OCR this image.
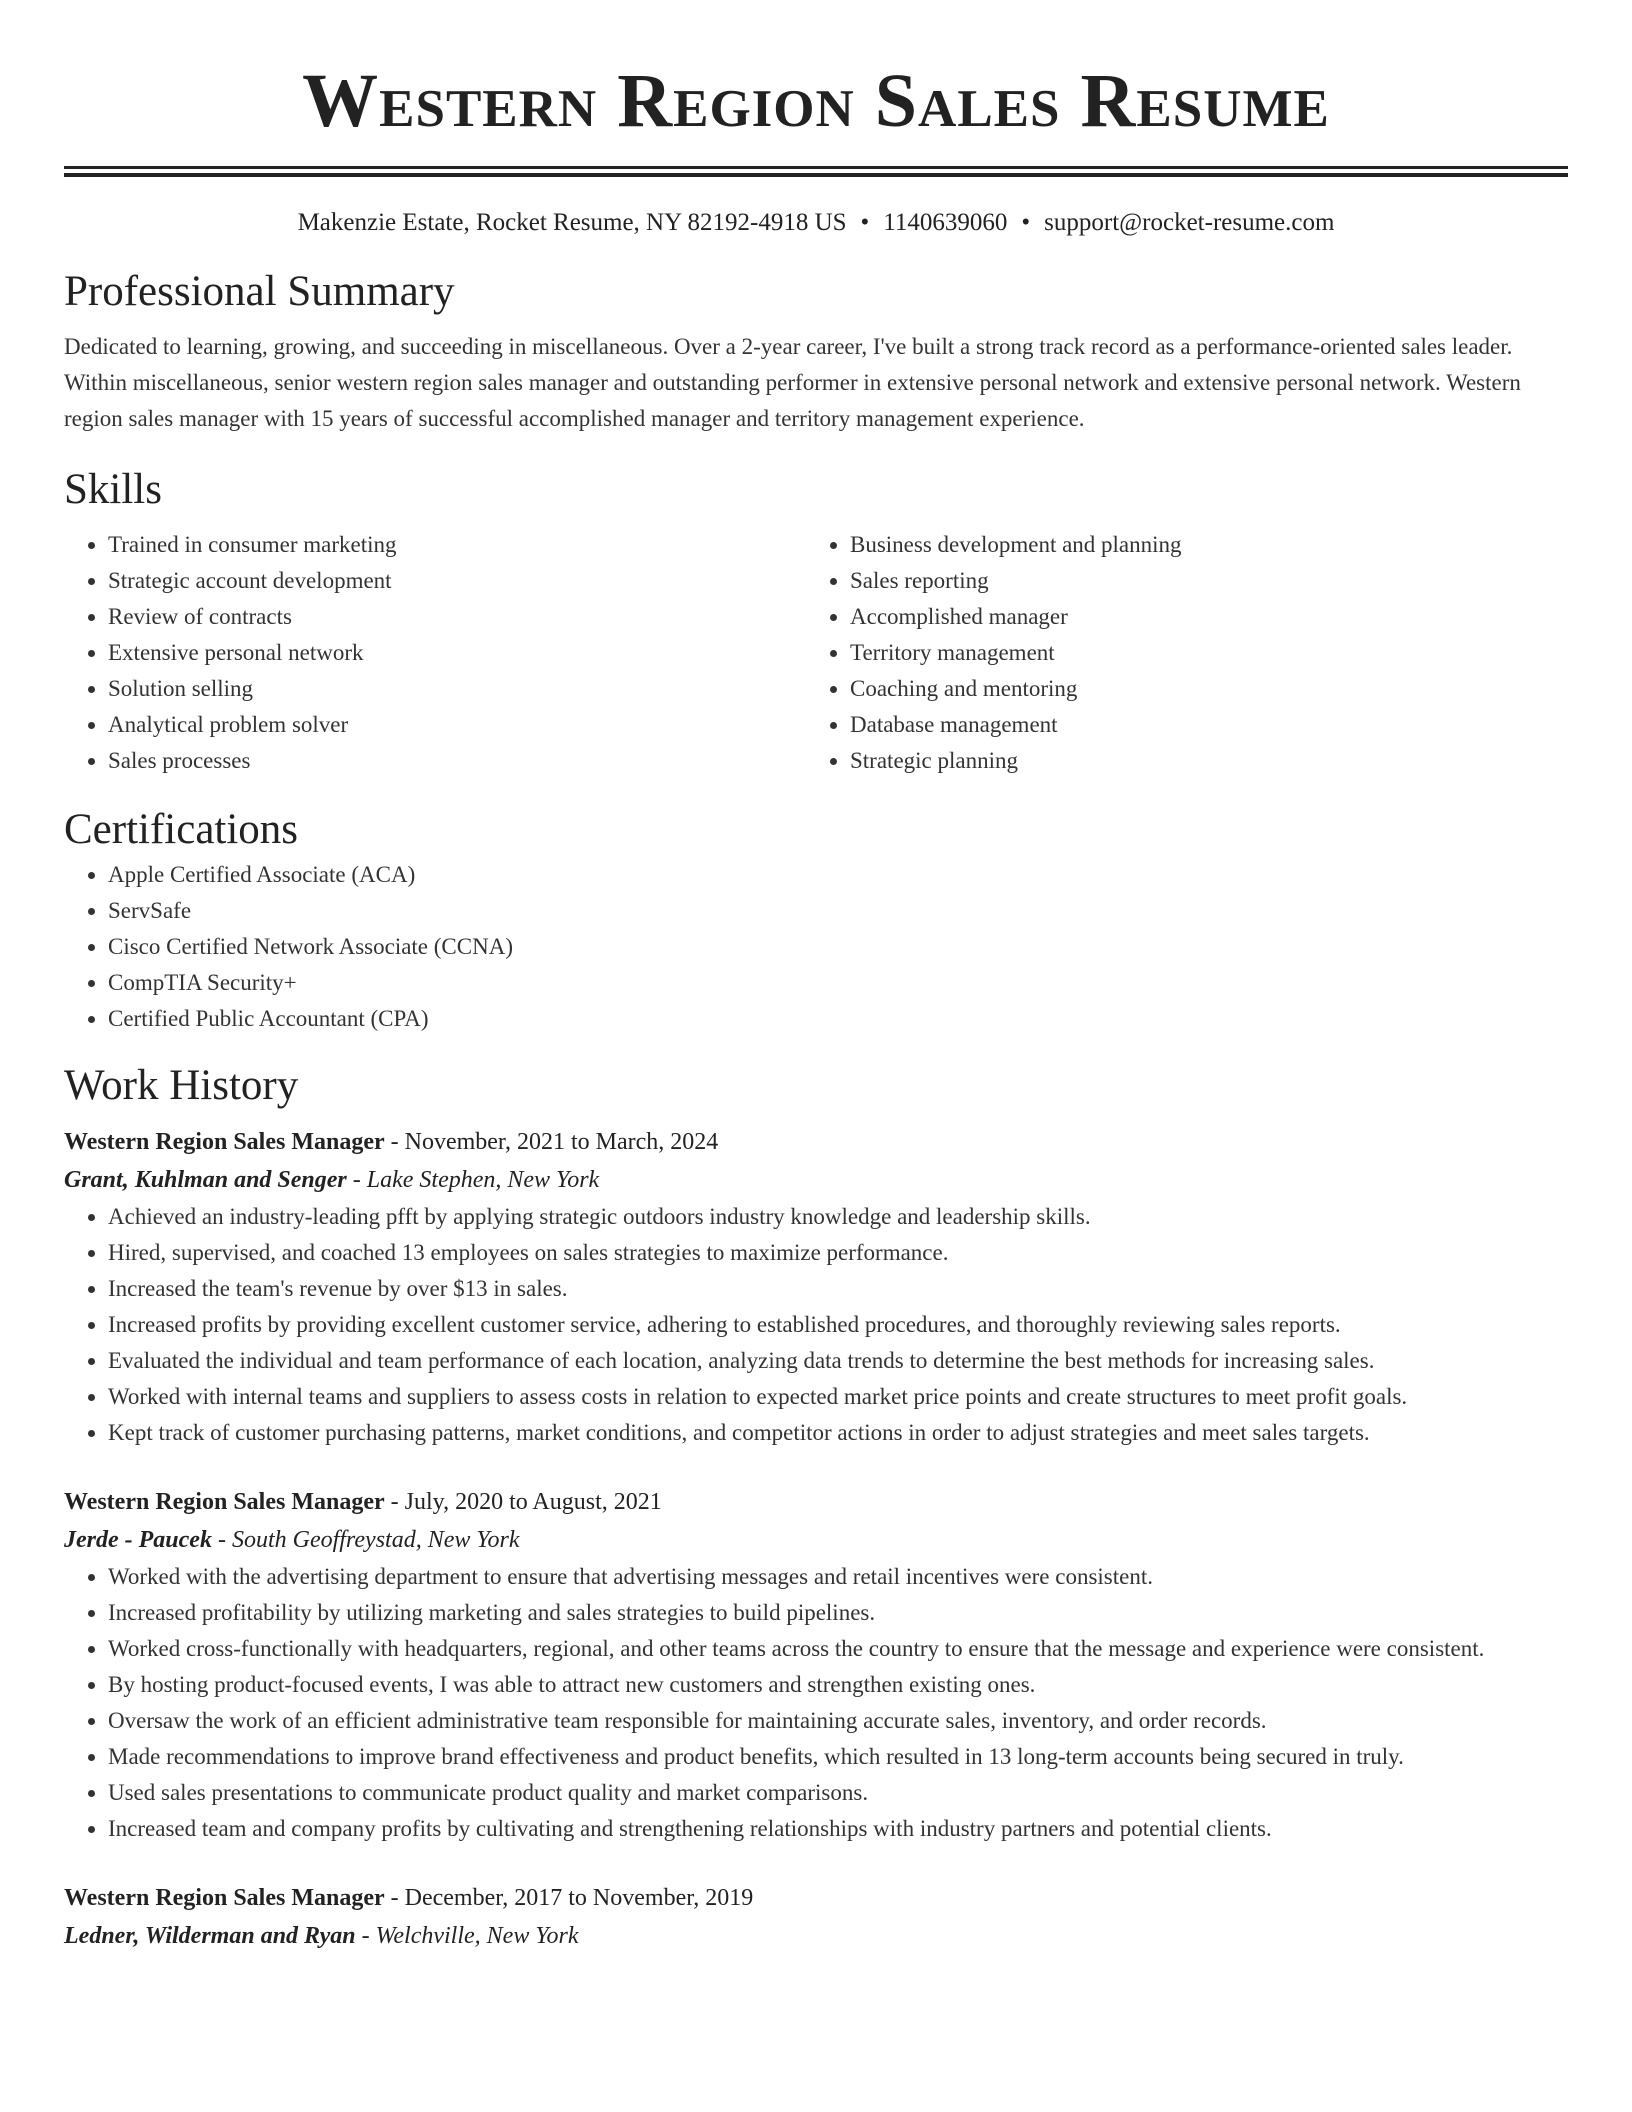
Western Region Sales Resume
Makenzie Estate, Rocket Resume, NY 82192-4918 US • 1140639060 • support@rocket-resume.com
Professional Summary
Dedicated to learning, growing, and succeeding in miscellaneous. Over a 2-year career, I've built a strong track record as a performance-oriented sales leader. Within miscellaneous, senior western region sales manager and outstanding performer in extensive personal network and extensive personal network. Western region sales manager with 15 years of successful accomplished manager and territory management experience.
Skills
• Trained in consumer marketing
• Strategic account development
• Review of contracts
• Extensive personal network
• Solution selling
• Analytical problem solver
• Sales processes
• Business development and planning
• Sales reporting
• Accomplished manager
• Territory management
• Coaching and mentoring
• Database management
• Strategic planning
Certifications
• Apple Certified Associate (ACA)
• ServSafe
• Cisco Certified Network Associate (CCNA)
• CompTIA Security+
• Certified Public Accountant (CPA)
Work History
Western Region Sales Manager - November, 2021 to March, 2024
Grant, Kuhlman and Senger - Lake Stephen, New York
• Achieved an industry-leading pfft by applying strategic outdoors industry knowledge and leadership skills.
• Hired, supervised, and coached 13 employees on sales strategies to maximize performance.
• Increased the team's revenue by over $13 in sales.
• Increased profits by providing excellent customer service, adhering to established procedures, and thoroughly reviewing sales reports.
• Evaluated the individual and team performance of each location, analyzing data trends to determine the best methods for increasing sales.
• Worked with internal teams and suppliers to assess costs in relation to expected market price points and create structures to meet profit goals.
• Kept track of customer purchasing patterns, market conditions, and competitor actions in order to adjust strategies and meet sales targets.
Western Region Sales Manager - July, 2020 to August, 2021
Jerde - Paucek - South Geoffreystad, New York
• Worked with the advertising department to ensure that advertising messages and retail incentives were consistent.
• Increased profitability by utilizing marketing and sales strategies to build pipelines.
• Worked cross-functionally with headquarters, regional, and other teams across the country to ensure that the message and experience were consistent.
• By hosting product-focused events, I was able to attract new customers and strengthen existing ones.
• Oversaw the work of an efficient administrative team responsible for maintaining accurate sales, inventory, and order records.
• Made recommendations to improve brand effectiveness and product benefits, which resulted in 13 long-term accounts being secured in truly.
• Used sales presentations to communicate product quality and market comparisons.
• Increased team and company profits by cultivating and strengthening relationships with industry partners and potential clients.
Western Region Sales Manager - December, 2017 to November, 2019
Ledner, Wilderman and Ryan - Welchville, New York
